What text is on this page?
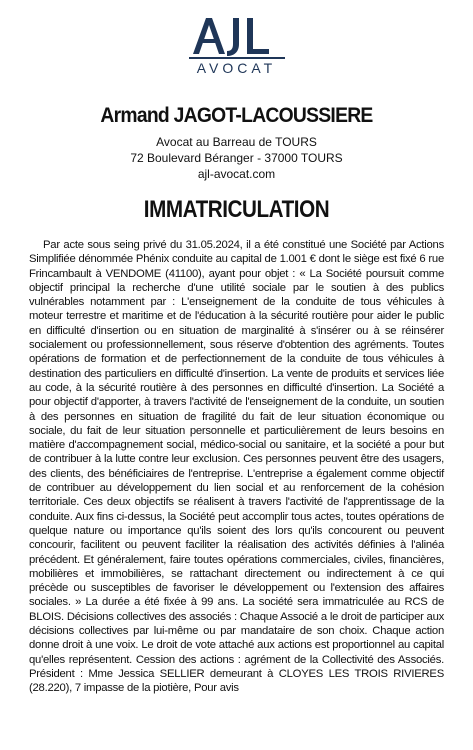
AVOCAT
Armand JAGOT-LACOUSSIERE
Avocat au Barreau de TOURS
72 Boulevard Béranger - 37000 TOURS
ajl-avocat.com
IMMATRICULATION

Par acte sous seing privé du 31.05.2024, il a été constitué une Société par Actions Simplifiée dénommée Phénix conduite au capital de 1.001 € dont le siège est fixé 6 rue Frincambault à VENDOME (41100), ayant pour objet : « La Société poursuit comme objectif principal la recherche d'une utilité sociale par le soutien à des publics vulnérables notamment par : L'enseignement de la conduite de tous véhicules à moteur terrestre et maritime et de l'éducation à la sécurité routière pour aider le public en difficulté d'insertion ou en situation de marginalité à s'insérer ou à se réinsérer socialement ou professionnellement, sous réserve d'obtention des agréments. Toutes opérations de formation et de perfectionnement de la conduite de tous véhicules à destination des particuliers en difficulté d'insertion. La vente de produits et services liée au code, à la sécurité routière à des personnes en difficulté d'insertion. La Société a pour objectif d'apporter, à travers l'activité de l'enseignement de la conduite, un soutien à des personnes en situation de fragilité du fait de leur situation économique ou sociale, du fait de leur situation personnelle et particulièrement de leurs besoins en matière d'accompagnement social, médico-social ou sanitaire, et la société a pour but de contribuer à la lutte contre leur exclusion. Ces personnes peuvent être des usagers, des clients, des bénéficiaires de l'entreprise. L'entreprise a également comme objectif de contribuer au développement du lien social et au renforcement de la cohésion territoriale. Ces deux objectifs se réalisent à travers l'activité de l'apprentissage de la conduite. Aux fins ci-dessus, la Société peut accomplir tous actes, toutes opérations de quelque nature ou importance qu'ils soient des lors qu'ils concourent ou peuvent concourir, facilitent ou peuvent faciliter la réalisation des activités définies à l'alinéa précédent. Et généralement, faire toutes opérations commerciales, civiles, financières, mobilières et immobilières, se rattachant directement ou indirectement à ce qui précède ou susceptibles de favoriser le développement ou l'extension des affaires sociales. » La durée a été fixée à 99 ans. La société sera immatriculée au RCS de BLOIS. Décisions collectives des associés : Chaque Associé a le droit de participer aux décisions collectives par lui-même ou par mandataire de son choix. Chaque action donne droit à une voix. Le droit de vote attaché aux actions est proportionnel au capital qu'elles représentent. Cession des actions : agrément de la Collectivité des Associés. Président : Mme Jessica SELLIER demeurant à CLOYES LES TROIS RIVIERES (28.220), 7 impasse de la piotière, Pour avis
